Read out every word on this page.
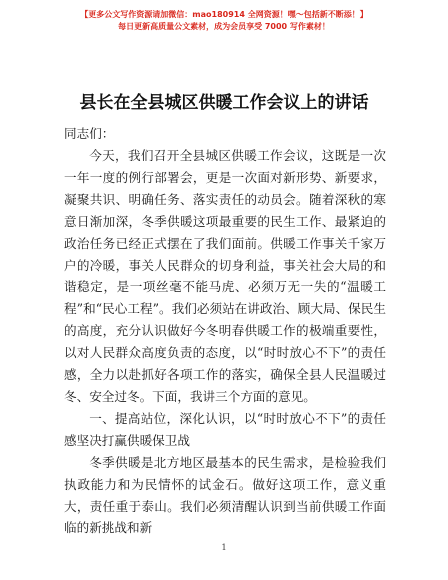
【更多公文写作资源请加微信：mao180914 全网资源！嘿～包括新不断添！】
每日更新高质量公文素材，成为会员享受 7000 写作素材！
县长在全县城区供暖工作会议上的讲话
同志们：

今天，我们召开全县城区供暖工作会议，这既是一次一年一度的例行部署会，更是一次面对新形势、新要求，凝聚共识、明确任务、落实责任的动员会。随着深秋的寒意日渐加深，冬季供暖这项最重要的民生工作、最紧迫的政治任务已经正式摆在了我们面前。供暖工作事关千家万户的冷暖，事关人民群众的切身利益，事关社会大局的和谐稳定，是一项丝毫不能马虎、必须万无一失的“温暖工程”和“民心工程”。我们必须站在讲政治、顾大局、保民生的高度，充分认识做好今冬明春供暖工作的极端重要性，以对人民群众高度负责的态度，以“时时放心不下”的责任感，全力以赴抓好各项工作的落实，确保全县人民温暖过冬、安全过冬。下面，我讲三个方面的意见。

一、提高站位，深化认识，以“时时放心不下”的责任感坚决打赢供暖保卫战

冬季供暖是北方地区最基本的民生需求，是检验我们执政能力和为民情怀的试金石。做好这项工作，意义重大，责任重于泰山。我们必须清醒认识到当前供暖工作面临的新挑战和新

1
